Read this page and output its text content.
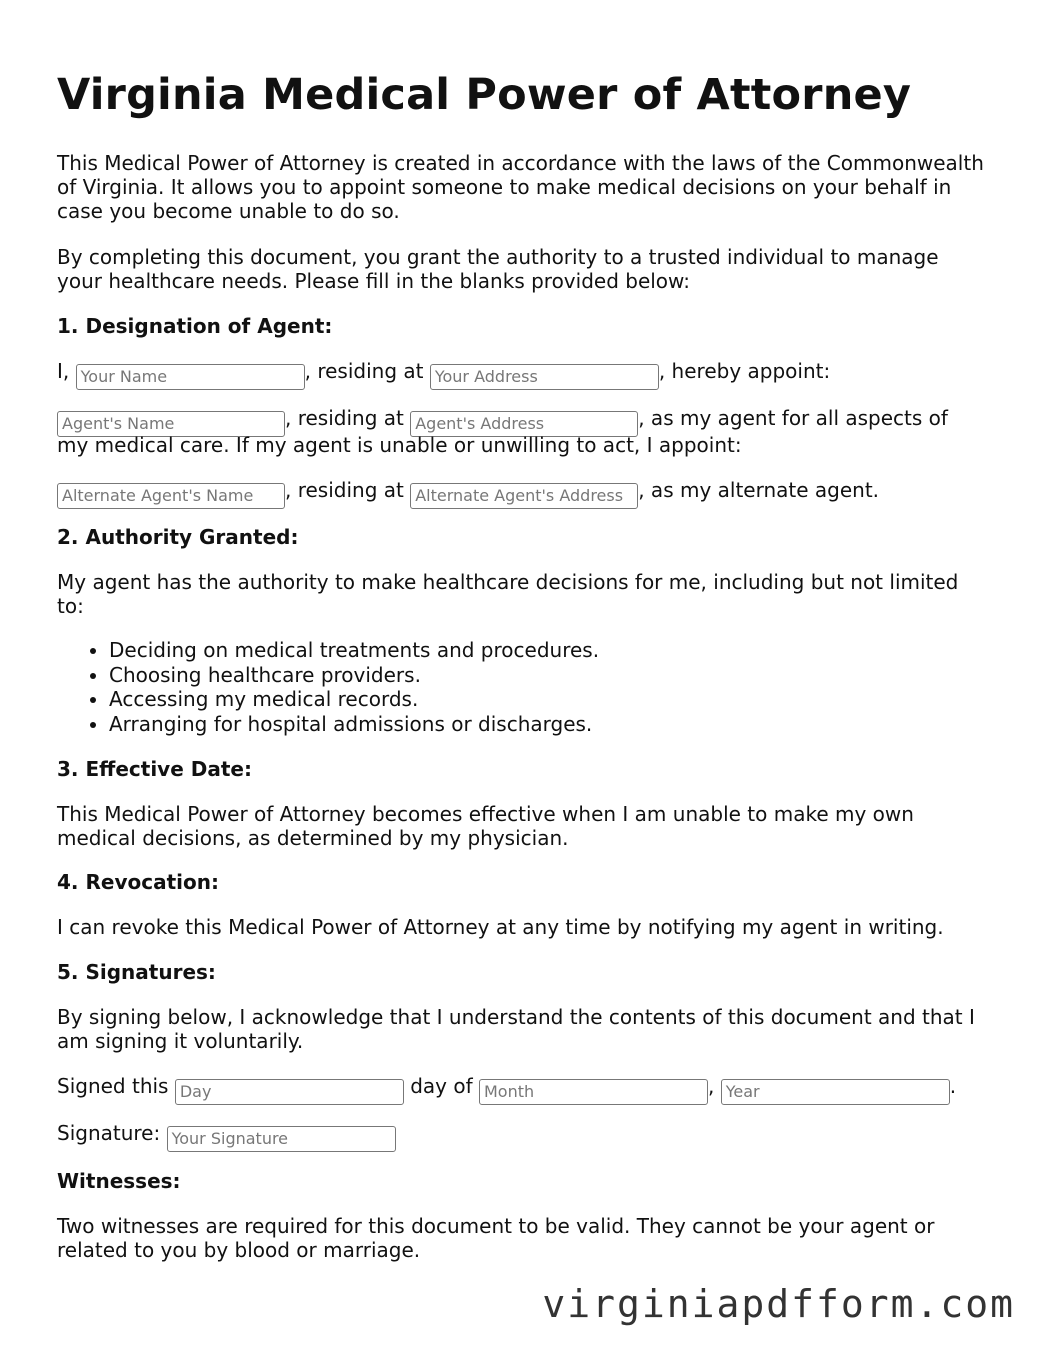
Virginia Medical Power of Attorney

This Medical Power of Attorney is created in accordance with the laws of the Commonwealth of Virginia. It allows you to appoint someone to make medical decisions on your behalf in case you become unable to do so.

By completing this document, you grant the authority to a trusted individual to manage your healthcare needs. Please fill in the blanks provided below:

1. Designation of Agent:

I, Your Name	, residing at Your Address	, hereby appoint:
Agent's Name	, residing at Agent's Address	, as my agent for all aspects of

my medical care. If my agent is unable or unwilling to act, I appoint:

Alternate Agent's Name , residing at Alternate Agent's Address , as my alternate agent.

2. Authority Granted:

My agent has the authority to make healthcare decisions for me, including but not limited to:

• Deciding on medical treatments and procedures.
• Choosing healthcare providers.
• Accessing my medical records.
• Arranging for hospital admissions or discharges.

3. Effective Date:

This Medical Power of Attorney becomes effective when I am unable to make my own medical decisions, as determined by my physician.

4. Revocation:

I can revoke this Medical Power of Attorney at any time by notifying my agent in writing.

5. Signatures:

By signing below, I acknowledge that I understand the contents of this document and that I am signing it voluntarily.

Signed this Day	day of Month	, Year	.
Signature: Your Signature

Witnesses:

Two witnesses are required for this document to be valid. They cannot be your agent or related to you by blood or marriage.

virginiapdfform.com
